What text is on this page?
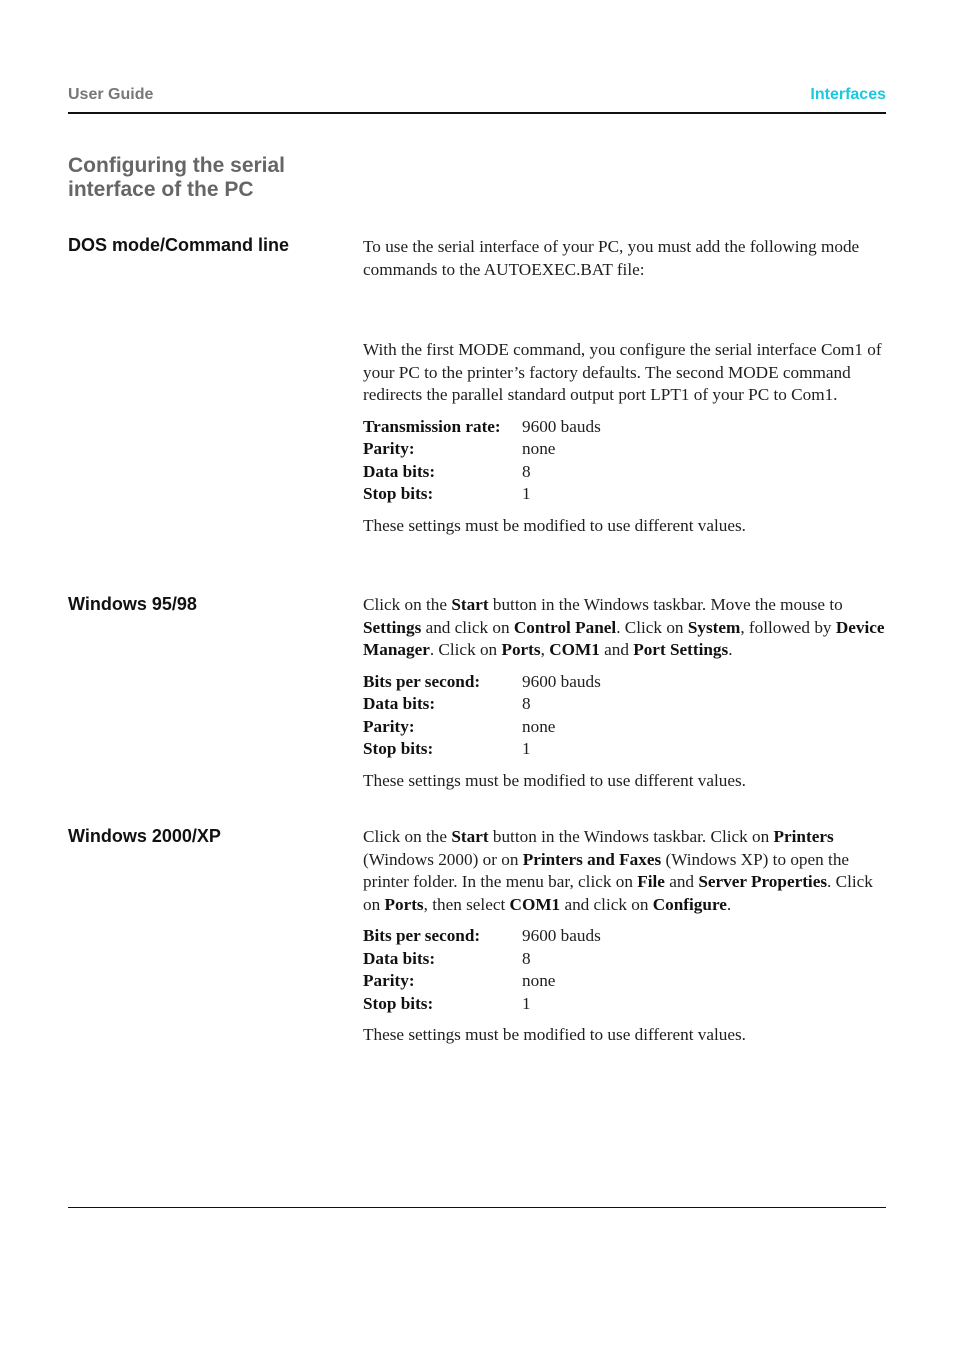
User Guide	Interfaces
Configuring the serial interface of the PC
DOS mode/Command line	To use the serial interface of your PC, you must add the following mode commands to the AUTOEXEC.BAT file:

With the first MODE command, you configure the serial interface Com1 of your PC to the printer’s factory defaults. The second MODE command redirects the parallel standard output port LPT1 of your PC to Com1.

Transmission rate:	9600 bauds
Parity:	none
Data bits:	8
Stop bits:	1

These settings must be modified to use different values.

Windows 95/98	Click on the Start button in the Windows taskbar. Move the mouse to Settings and click on Control Panel. Click on System, followed by Device Manager. Click on Ports, COM1 and Port Settings.

Bits per second:	9600 bauds
Data bits:	8
Parity:	none
Stop bits:	1

These settings must be modified to use different values.

Windows 2000/XP	Click on the Start button in the Windows taskbar. Click on Printers (Windows 2000) or on Printers and Faxes (Windows XP) to open the printer folder. In the menu bar, click on File and Server Properties. Click on Ports, then select COM1 and click on Configure.

Bits per second:	9600 bauds
Data bits:	8
Parity:	none
Stop bits:	1

These settings must be modified to use different values.
